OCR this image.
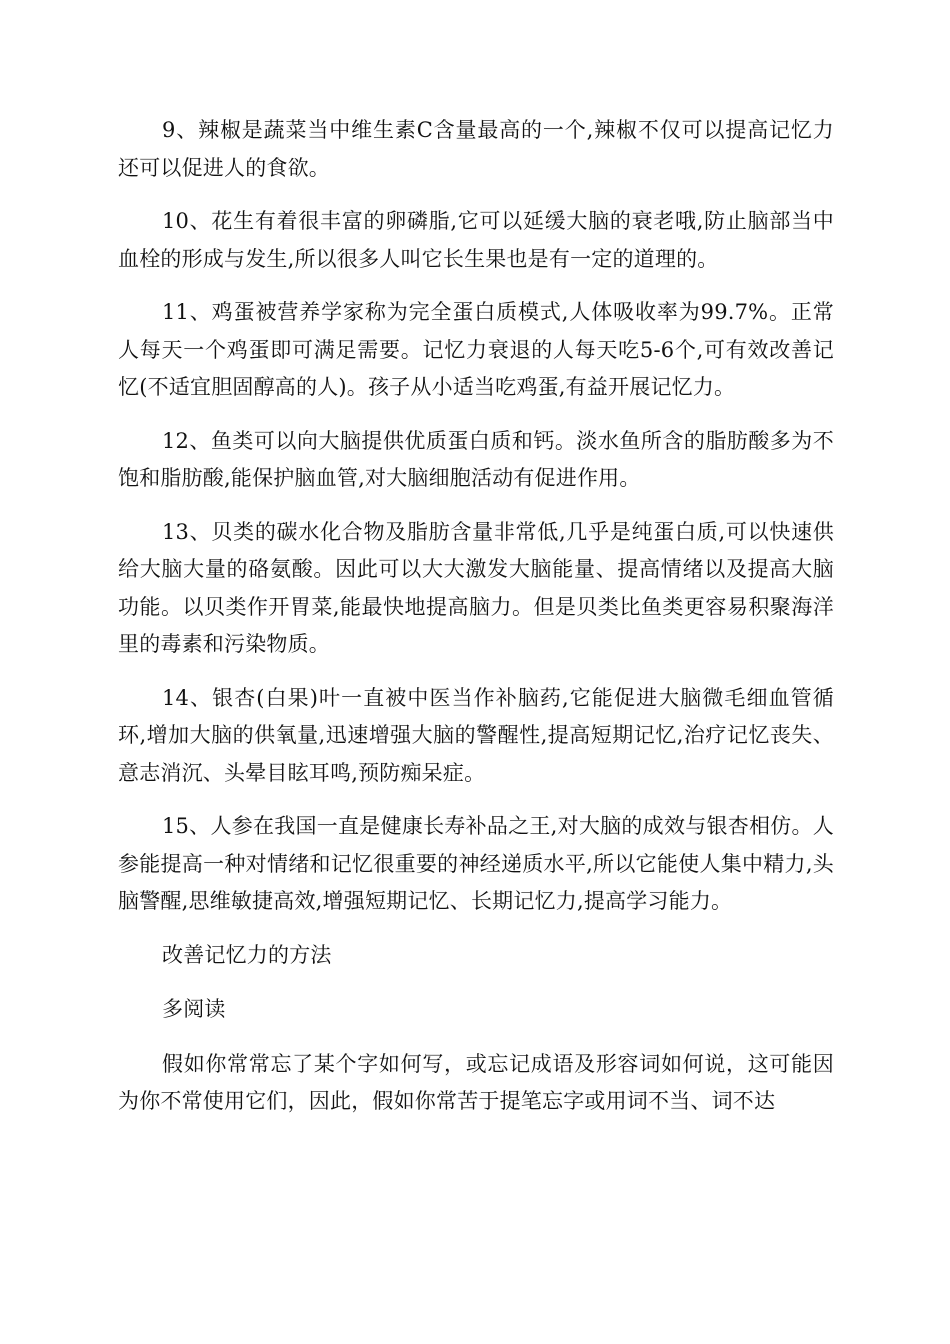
9、辣椒是蔬菜当中维生素C含量最高的一个,辣椒不仅可以提高记忆力还可以促进人的食欲。

10、花生有着很丰富的卵磷脂,它可以延缓大脑的衰老哦,防止脑部当中血栓的形成与发生,所以很多人叫它长生果也是有一定的道理的。

11、鸡蛋被营养学家称为完全蛋白质模式,人体吸收率为99.7%。正常人每天一个鸡蛋即可满足需要。记忆力衰退的人每天吃5-6个,可有效改善记忆(不适宜胆固醇高的人)。孩子从小适当吃鸡蛋,有益开展记忆力。

12、鱼类可以向大脑提供优质蛋白质和钙。淡水鱼所含的脂肪酸多为不饱和脂肪酸,能保护脑血管,对大脑细胞活动有促进作用。

13、贝类的碳水化合物及脂肪含量非常低,几乎是纯蛋白质,可以快速供给大脑大量的硌氨酸。因此可以大大激发大脑能量、提高情绪以及提高大脑功能。以贝类作开胃菜,能最快地提高脑力。但是贝类比鱼类更容易积聚海洋里的毒素和污染物质。

14、银杏(白果)叶一直被中医当作补脑药,它能促进大脑微毛细血管循环,增加大脑的供氧量,迅速增强大脑的警醒性,提高短期记忆,治疗记忆丧失、意志消沉、头晕目眩耳鸣,预防痴呆症。

15、人参在我国一直是健康长寿补品之王,对大脑的成效与银杏相仿。人参能提高一种对情绪和记忆很重要的神经递质水平,所以它能使人集中精力,头脑警醒,思维敏捷高效,增强短期记忆、长期记忆力,提高学习能力。

改善记忆力的方法

多阅读

假如你常常忘了某个字如何写，或忘记成语及形容词如何说，这可能因为你不常使用它们，因此，假如你常苦于提笔忘字或用词不当、词不达
